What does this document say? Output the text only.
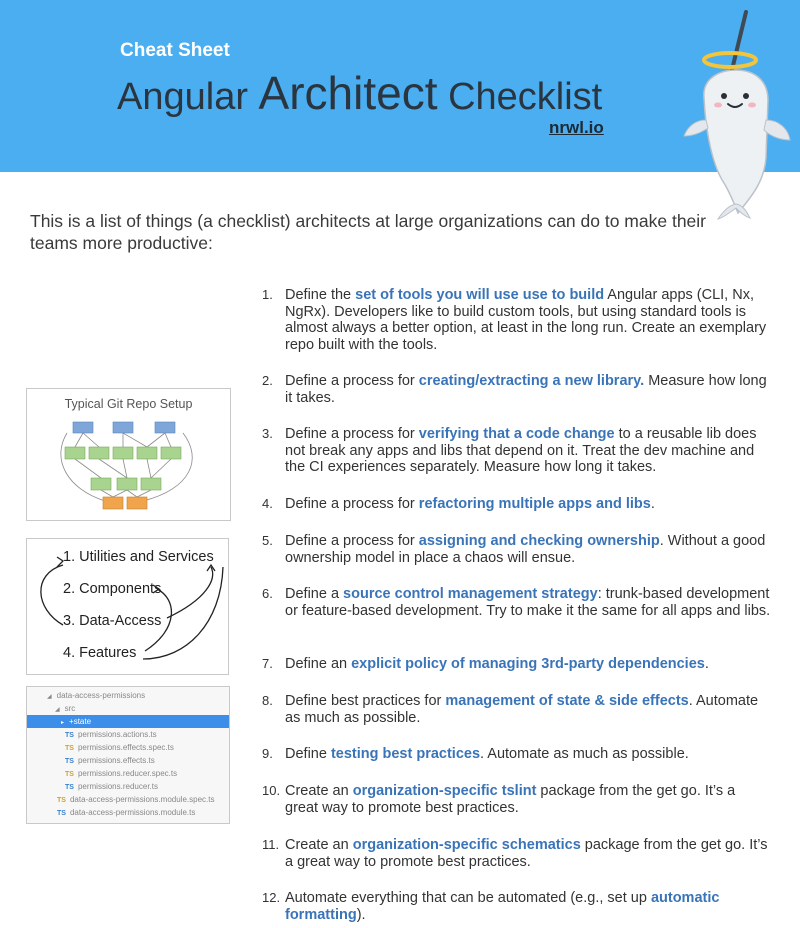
Cheat Sheet
Angular Architect Checklist
nrwl.io
This is a list of things (a checklist) architects at large organizations can do to make their teams more productive:
1. Define the set of tools you will use use to build Angular apps (CLI, Nx, NgRx). Developers like to build custom tools, but using standard tools is almost always a better option, at least in the long run. Create an exemplary repo built with the tools.
2. Define a process for creating/extracting a new library. Measure how long it takes.
3. Define a process for verifying that a code change to a reusable lib does not break any apps and libs that depend on it. Treat the dev machine and the CI experiences separately. Measure how long it takes.
4. Define a process for refactoring multiple apps and libs.
5. Define a process for assigning and checking ownership. Without a good ownership model in place a chaos will ensue.
6. Define a source control management strategy: trunk-based development or feature-based development. Try to make it the same for all apps and libs.
7. Define an explicit policy of managing 3rd-party dependencies.
8. Define best practices for management of state & side effects. Automate as much as possible.
9. Define testing best practices. Automate as much as possible.
10. Create an organization-specific tslint package from the get go. It’s a great way to promote best practices.
11. Create an organization-specific schematics package from the get go. It’s a great way to promote best practices.
12. Automate everything that can be automated (e.g., set up automatic formatting).
Typical Git Repo Setup
1. Utilities and Services
2. Components
3. Data-Access
4. Features
◢ data-access-permissions
◢ src
▸ +state
TS permissions.actions.ts
TS permissions.effects.spec.ts
TS permissions.effects.ts
TS permissions.reducer.spec.ts
TS permissions.reducer.ts
TS data-access-permissions.module.spec.ts
TS data-access-permissions.module.ts
